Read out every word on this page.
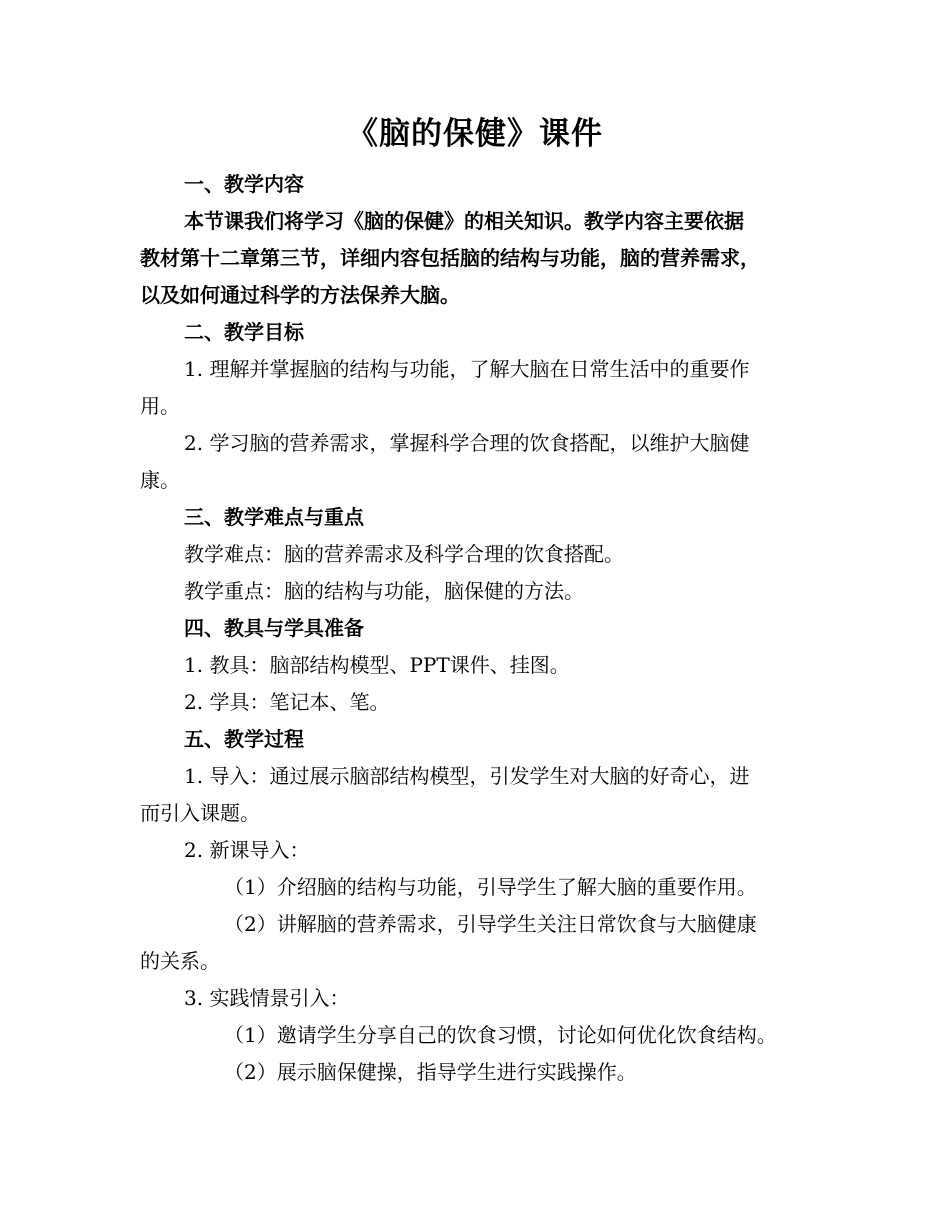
《脑的保健》课件
一、教学内容
本节课我们将学习《脑的保健》的相关知识。教学内容主要依据
教材第十二章第三节，详细内容包括脑的结构与功能，脑的营养需求，
以及如何通过科学的方法保养大脑。
二、教学目标
1. 理解并掌握脑的结构与功能，了解大脑在日常生活中的重要作
用。
2. 学习脑的营养需求，掌握科学合理的饮食搭配，以维护大脑健
康。
三、教学难点与重点
教学难点：脑的营养需求及科学合理的饮食搭配。
教学重点：脑的结构与功能，脑保健的方法。
四、教具与学具准备
1. 教具：脑部结构模型、PPT课件、挂图。
2. 学具：笔记本、笔。
五、教学过程
1. 导入：通过展示脑部结构模型，引发学生对大脑的好奇心，进
而引入课题。
2. 新课导入：
（1）介绍脑的结构与功能，引导学生了解大脑的重要作用。
（2）讲解脑的营养需求，引导学生关注日常饮食与大脑健康
的关系。
3. 实践情景引入：
（1）邀请学生分享自己的饮食习惯，讨论如何优化饮食结构。
（2）展示脑保健操，指导学生进行实践操作。
